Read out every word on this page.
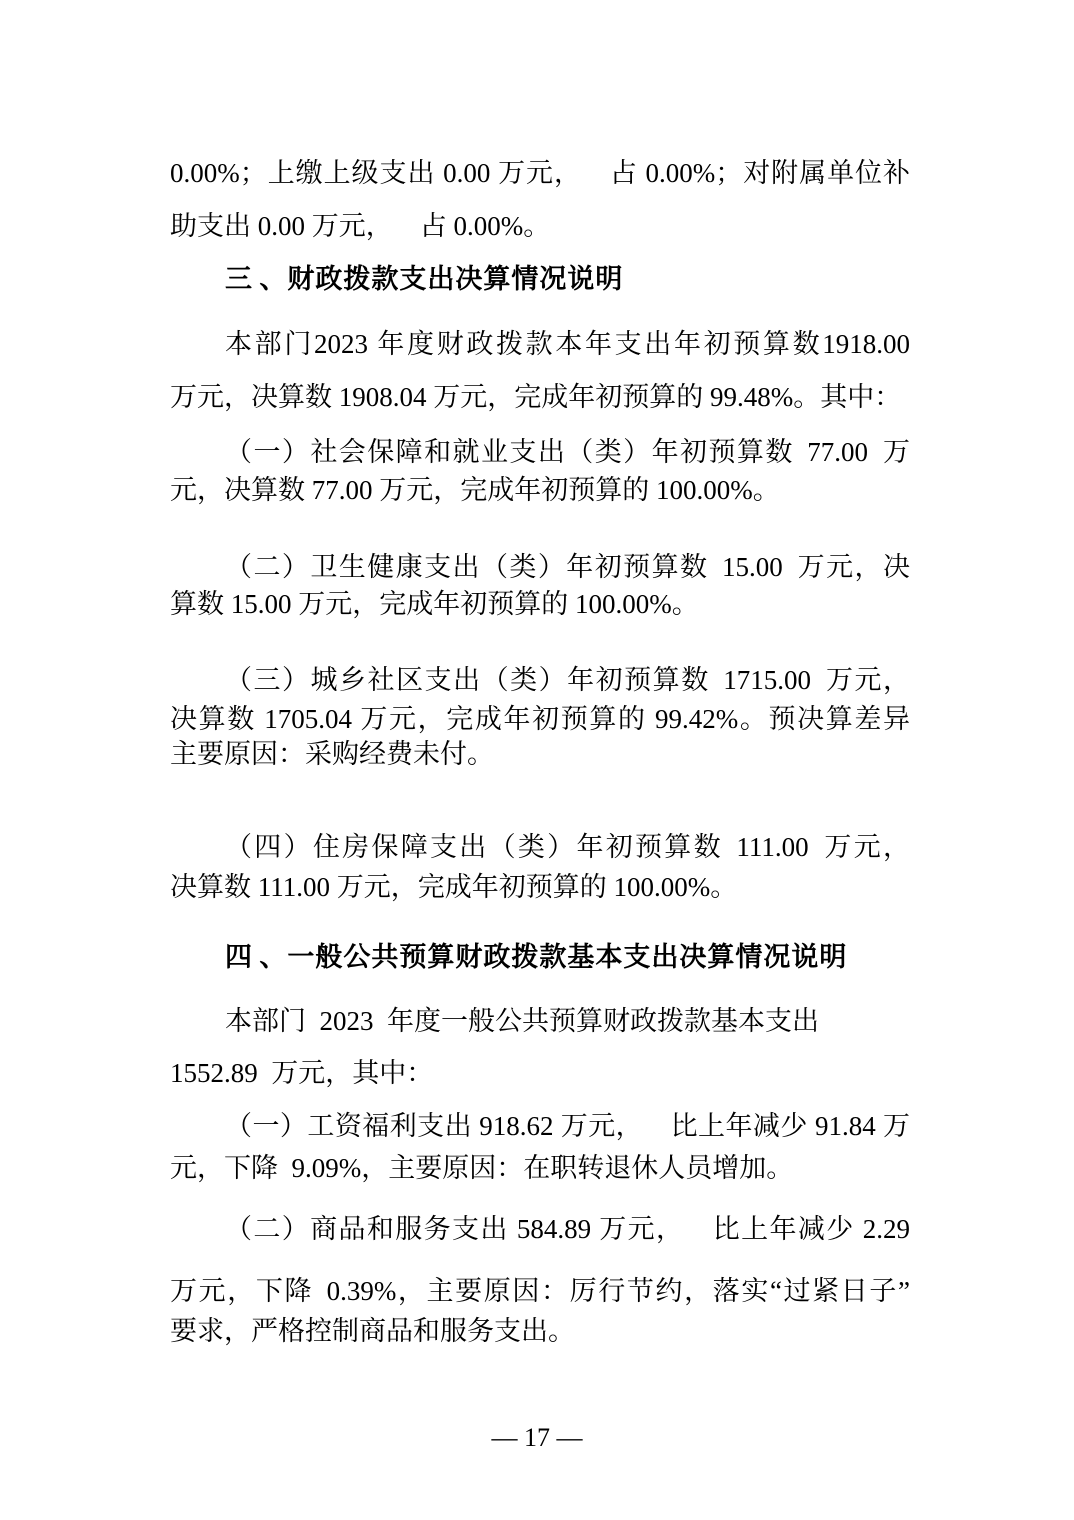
0.00%；上缴上级支出 0.00 万元， 占 0.00%；对附属单位补
助支出 0.00 万元， 占 0.00%。
三 、财政拨款支出决算情况说明
本部门2023 年度财政拨款本年支出年初预算数1918.00
万元，决算数 1908.04 万元，完成年初预算的 99.48%。其中：
（一）社会保障和就业支出（类）年初预算数 77.00 万
元，决算数 77.00 万元，完成年初预算的 100.00%。
（二）卫生健康支出（类）年初预算数 15.00 万元，决
算数 15.00 万元，完成年初预算的 100.00%。
（三）城乡社区支出（类）年初预算数 1715.00 万元，
决算数 1705.04 万元，完成年初预算的 99.42%。预决算差异
主要原因：采购经费未付。
（四）住房保障支出（类）年初预算数 111.00 万元，
决算数 111.00 万元，完成年初预算的 100.00%。
四 、一般公共预算财政拨款基本支出决算情况说明
本部门 2023 年度一般公共预算财政拨款基本支出
1552.89 万元，其中：
（一）工资福利支出 918.62 万元， 比上年减少 91.84 万
元，下降 9.09%，主要原因：在职转退休人员增加。
（二）商品和服务支出 584.89 万元， 比上年减少 2.29
万元，下降 0.39%，主要原因：厉行节约，落实“过紧日子”
要求，严格控制商品和服务支出。
— 17 —
